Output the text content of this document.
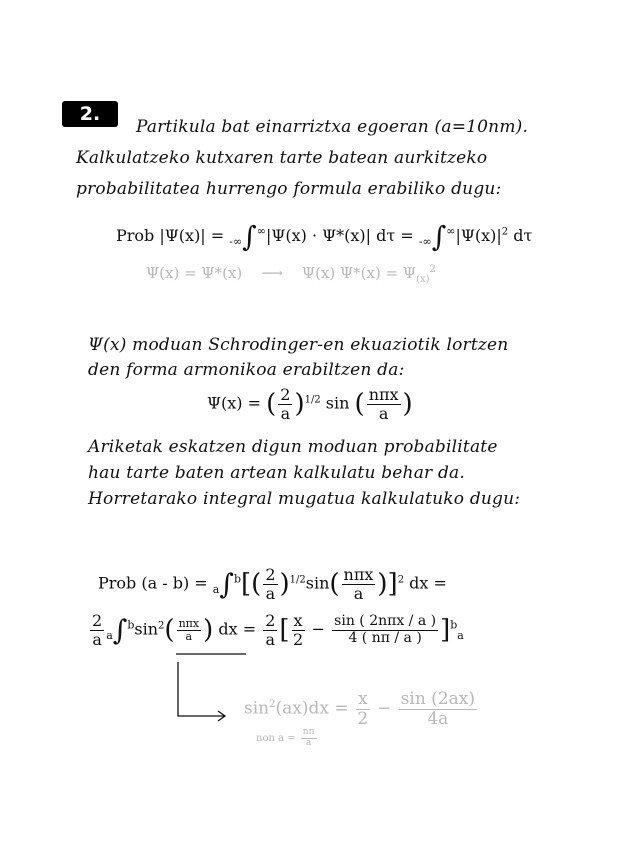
2.
Partikula bat einarriztxa egoeran (a=10nm).
Kalkulatzeko kutxaren tarte batean aurkitzeko
probabilitatea hurrengo formula erabiliko dugu:
Prob |Ψ(x)| = $_{-\infty}$∫∞|Ψ(x) · Ψ*(x)| $d\tau = _{-\infty}\int^\infty|\Psi(x)|^2$ dτ
Ψ(x) = Ψ*(x) ⟶ Ψ(x) $\Psi*(x) = \Psi_{(x)}^2$
Ψ(x) moduan Schrodinger-en ekuaziotik lortzen
den forma armonikoa erabiltzen da:
Ψ(x) = ( $\frac{2}{a} )^{1/2}$ sin ( $\frac{\text{nπx}}{a}$ )
Ariketak eskatzen digun moduan probabilitate
hau tarte baten artean kalkulatu behar da.
Horretarako integral mugatua kalkulatuko dugu:
Prob $(a - b) = _a\int^b[( \frac{2}{a} )^{1/2}\sin( \frac{\text{nπx}}{a} )]^2$ dx =
$\frac{2}{a} _a\int^b\sin^2( \frac{\text{nπx}}{a}$ ) dx = $\frac{2}{a}$ [ $\frac{x}{2} - \frac{\text{sin ( 2nπx / a )}}{4 ( n\pi / a )} ]^b_a$
$\sin^2(ax)dx = \frac{x}{2} - \frac{\sin (2ax)}{4a}$
non $a = \frac{n\pi}{a}$
